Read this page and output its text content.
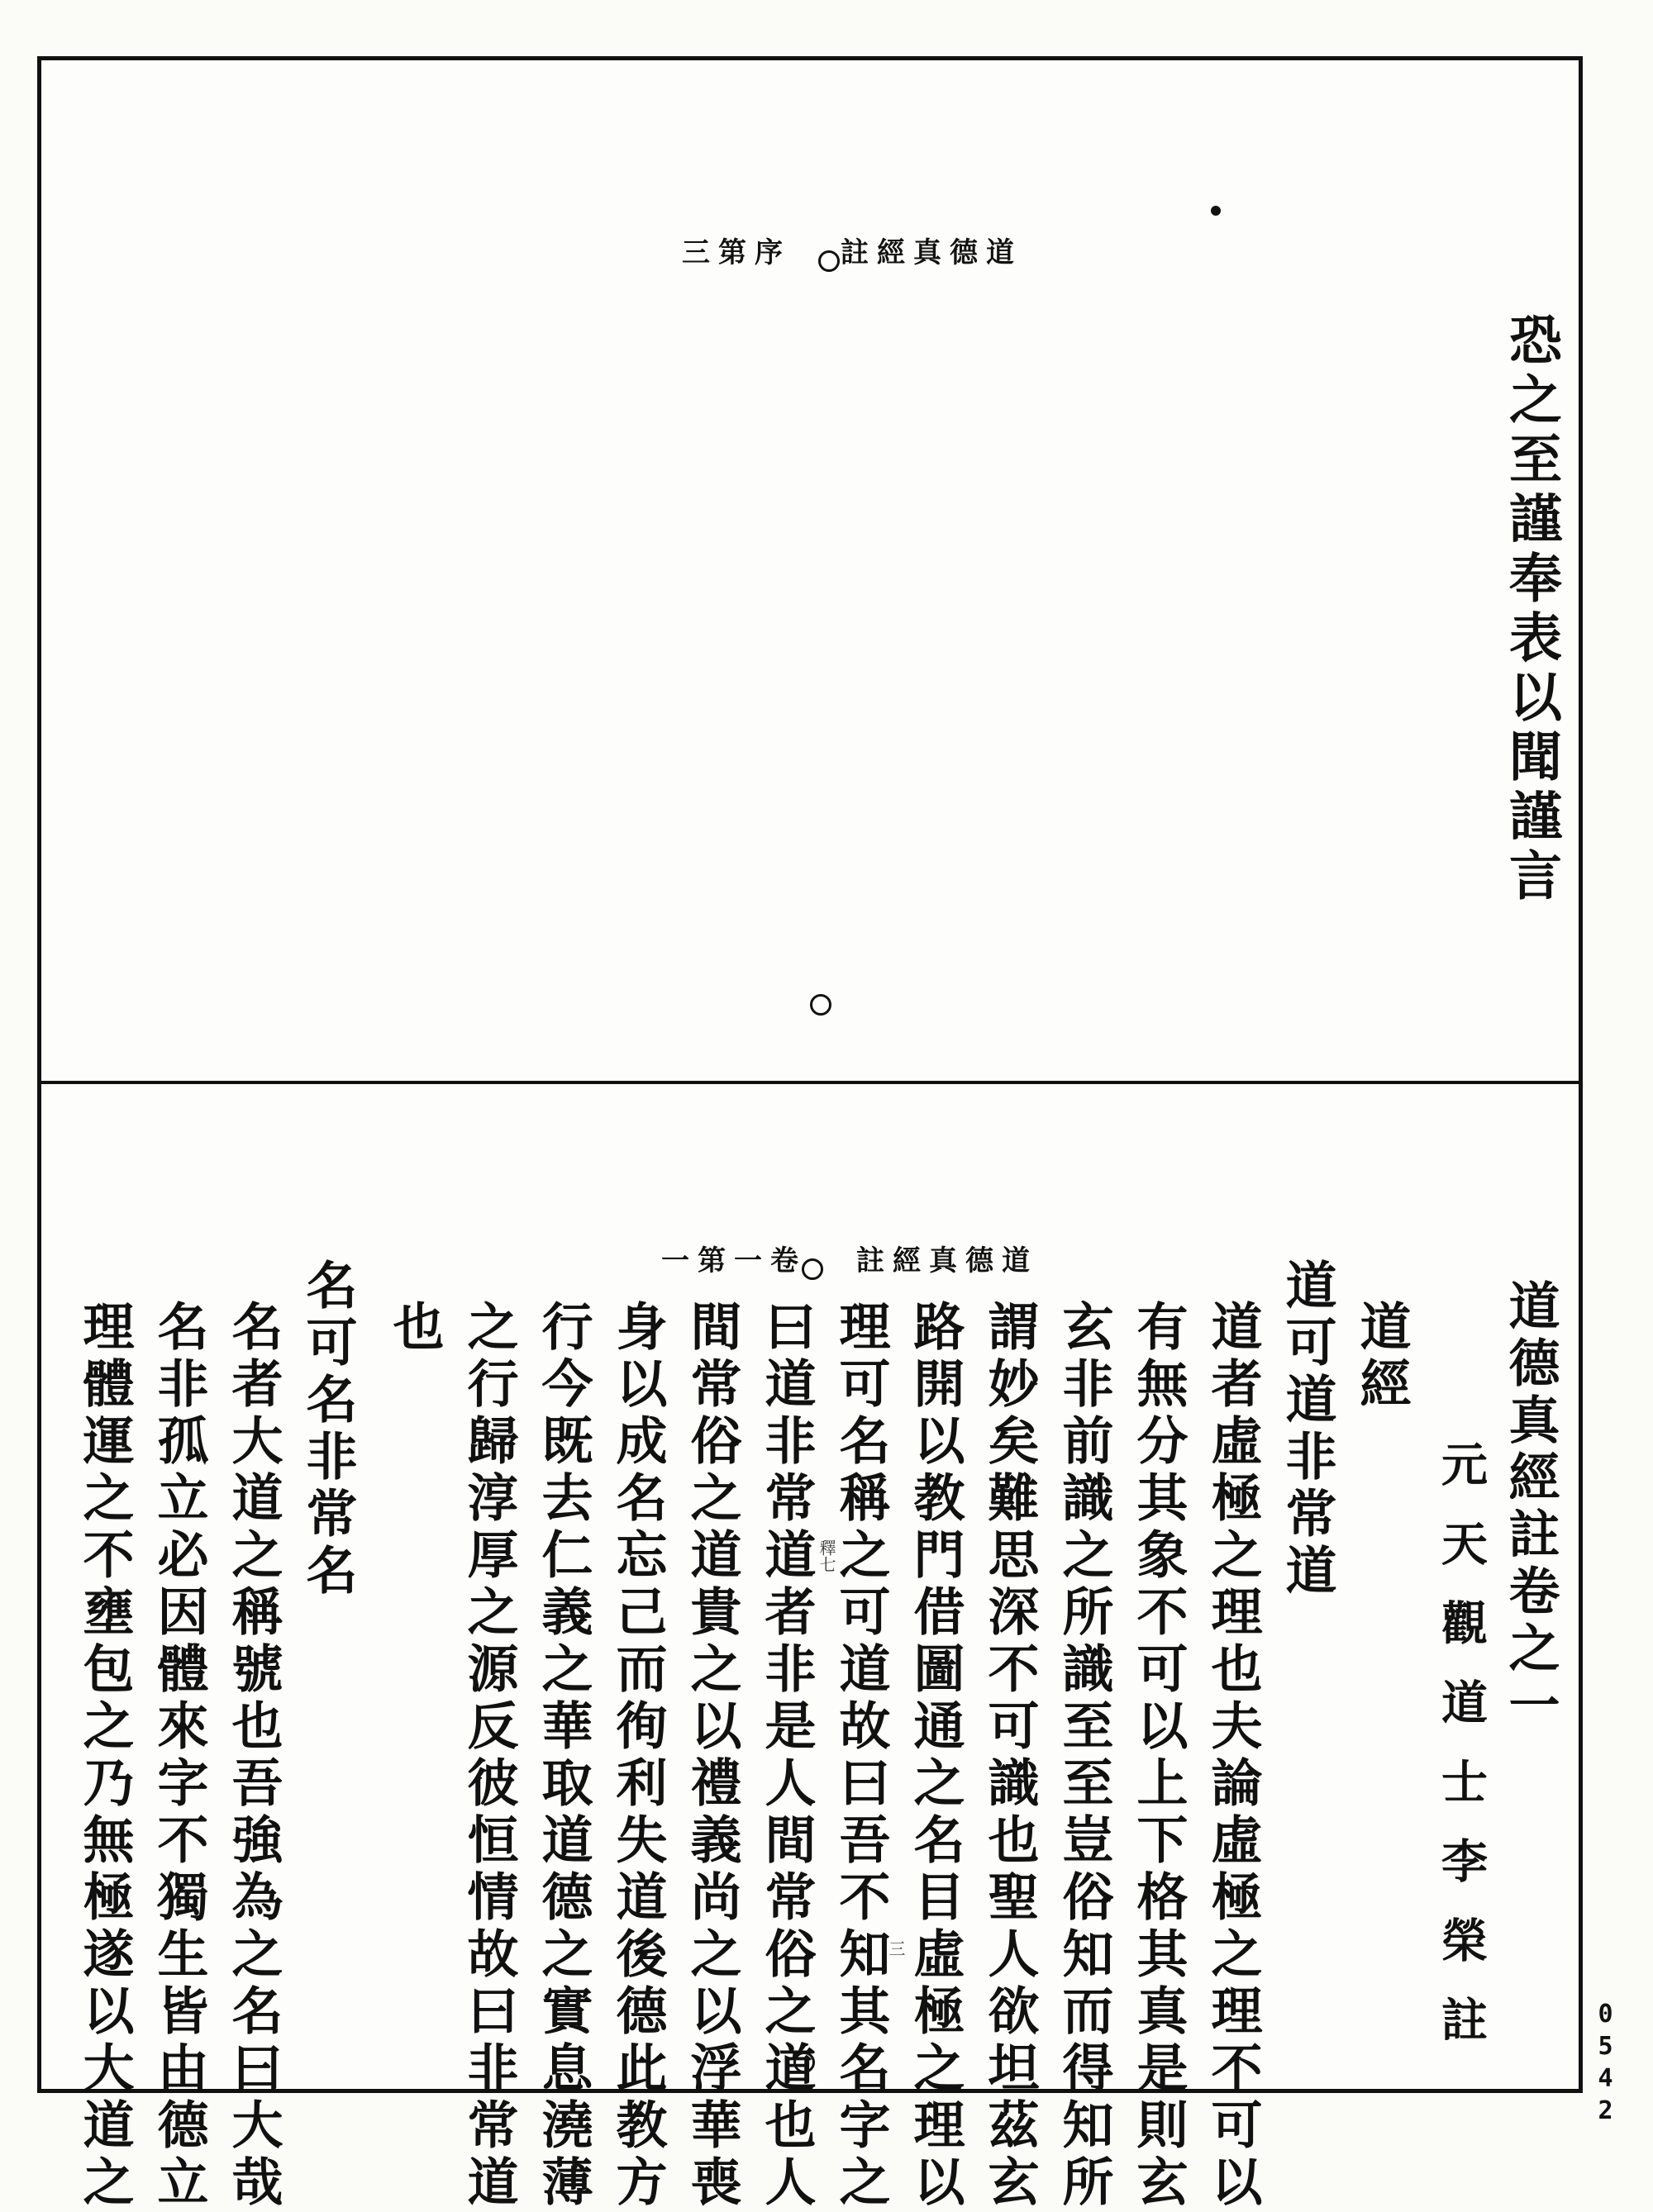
三第序 註經真德道
恐之至謹奉表以聞謹言
一第一卷 註經真德道
道德真經註卷之一
元天觀道士李榮註
道經
道可道非常道
道者虛極之理也夫論虛極之理不可以
有無分其象不可以上下格其真是則玄
玄非前識之所識至至豈俗知而得知所
謂妙矣難思深不可識也聖人欲坦茲玄
路開以教門借圖通之名目虛極之理以
理可名稱之可道故曰吾不知其名字之
釋七
三
曰道非常道者非是人間常俗之道也人
間常俗之道貴之以禮義尚之以浮華喪
身以成名忘己而徇利失道後德此教方
行今既去仁義之華取道德之實息澆薄
之行歸淳厚之源反彼恒情故曰非常道
也
名可名非常名
名者大道之稱號也吾強為之名曰大哉
名非孤立必因體來字不獨生皆由德立
理體運之不壅包之乃無極遂以大道之	0542
